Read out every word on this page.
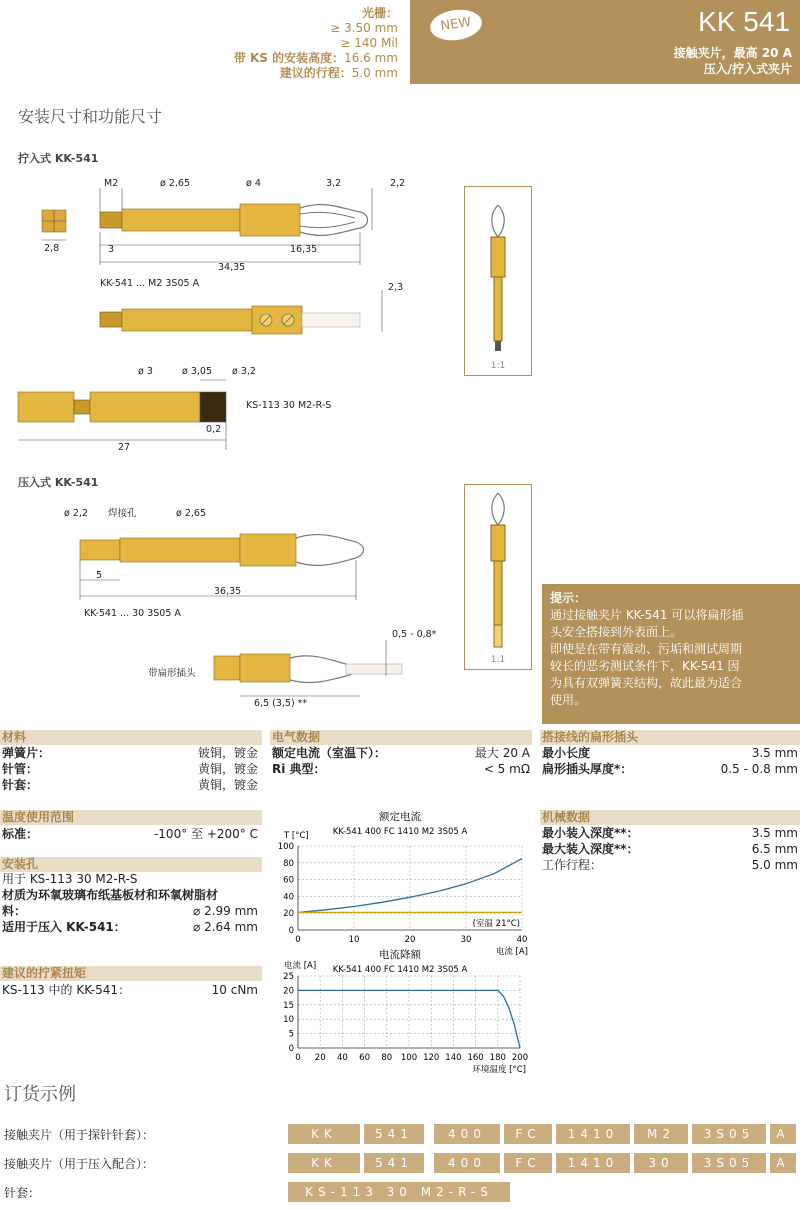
光栅：
≥ 3.50 mm
≥ 140 Mil
带 KS 的安装高度：16.6 mm
建议的行程：5.0 mm
NEW	KK 541
接触夹片，最高 20 A
压入/拧入式夹片
安装尺寸和功能尺寸
拧入式 KK-541
M2	ø 2,65	ø 4	3,2	2,2
2,8	3	16,35
34,35
KK-541 ... M2 3S05 A	2,3
ø 3	ø 3,05 ø 3,2
KS-113 30 M2-R-S
0,2
27
1:1
压入式 KK-541
ø 2,2 焊接孔	ø 2,65
5
36,35
KK-541 ... 30 3S05 A
0,5 - 0,8*
带扁形插头
6,5 (3,5) **
1:1
提示：
通过接触夹片 KK-541 可以将扁形插
头安全搭接到外表面上。
即使是在带有震动、污垢和测试周期
较长的恶劣测试条件下，KK-541 因
为具有双弹簧夹结构，故此最为适合
使用。
材料
弹簧片：	铍铜，镀金
针管：	黄铜，镀金
针套：	黄铜，镀金
电气数据
额定电流（室温下）：	最大 20 A
Ri 典型：	< 5 mΩ
搭接线的扁形插头
最小长度	3.5 mm
扁形插头厚度*：	0.5 - 0.8 mm
温度使用范围
标准：	-100° 至 +200° C
安装孔
用于 KS-113 30 M2-R-S
材质为环氧玻璃布纸基板材和环氧树脂材
料：	⌀ 2.99 mm
适用于压入 KK-541：	⌀ 2.64 mm
建议的拧紧扭矩
KS-113 中的 KK-541：	10 cNm
机械数据
最小装入深度**：	3.5 mm
最大装入深度**：	6.5 mm
工作行程：	5.0 mm
额定电流
KK-541 400 FC 1410 M2 3S05 A
T [°C]
电流 [A]
0
20
40
60
80
100
0	10	20	30	40
(室温 21°C)
电流降额
KK-541 400 FC 1410 M2 3S05 A
电流 [A]
环境温度 [°C]
0
5
10
15
20
25
0 20 40 60 80 100 120 140 160 180 200
订货示例
接触夹片（用于探针针套）：	KK	541	400	FC	1410	M2	3S05	A
接触夹片（用于压入配合）：	KK	541	400	FC	1410	30	3S05	A
针套：	KS-113 30 M2-R-S
